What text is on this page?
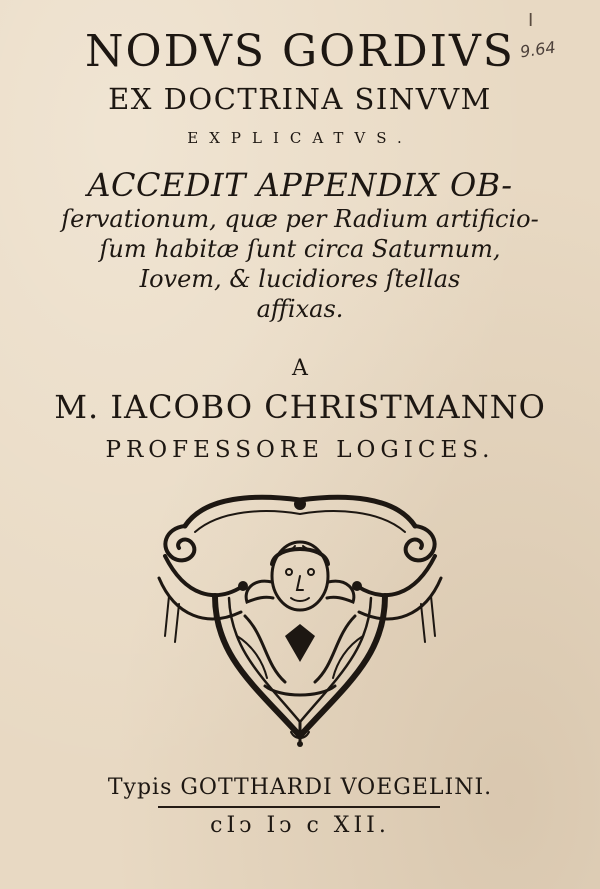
I
9.64
NODVS GORDIVS
EX DOCTRINA SINVVM
EXPLICATVS.
ACCEDIT APPENDIX OB-
ſervationum, quæ per Radium artificio-
ſum habitæ ſunt circa Saturnum,
Iovem, & lucidiores ſtellas
affixas.
A
M. IACOBO CHRISTMANNO
PROFESSORE LOGICES.
Typis GOTTHARDI VOEGELINI.
cIↄ Iↄ c XII.
